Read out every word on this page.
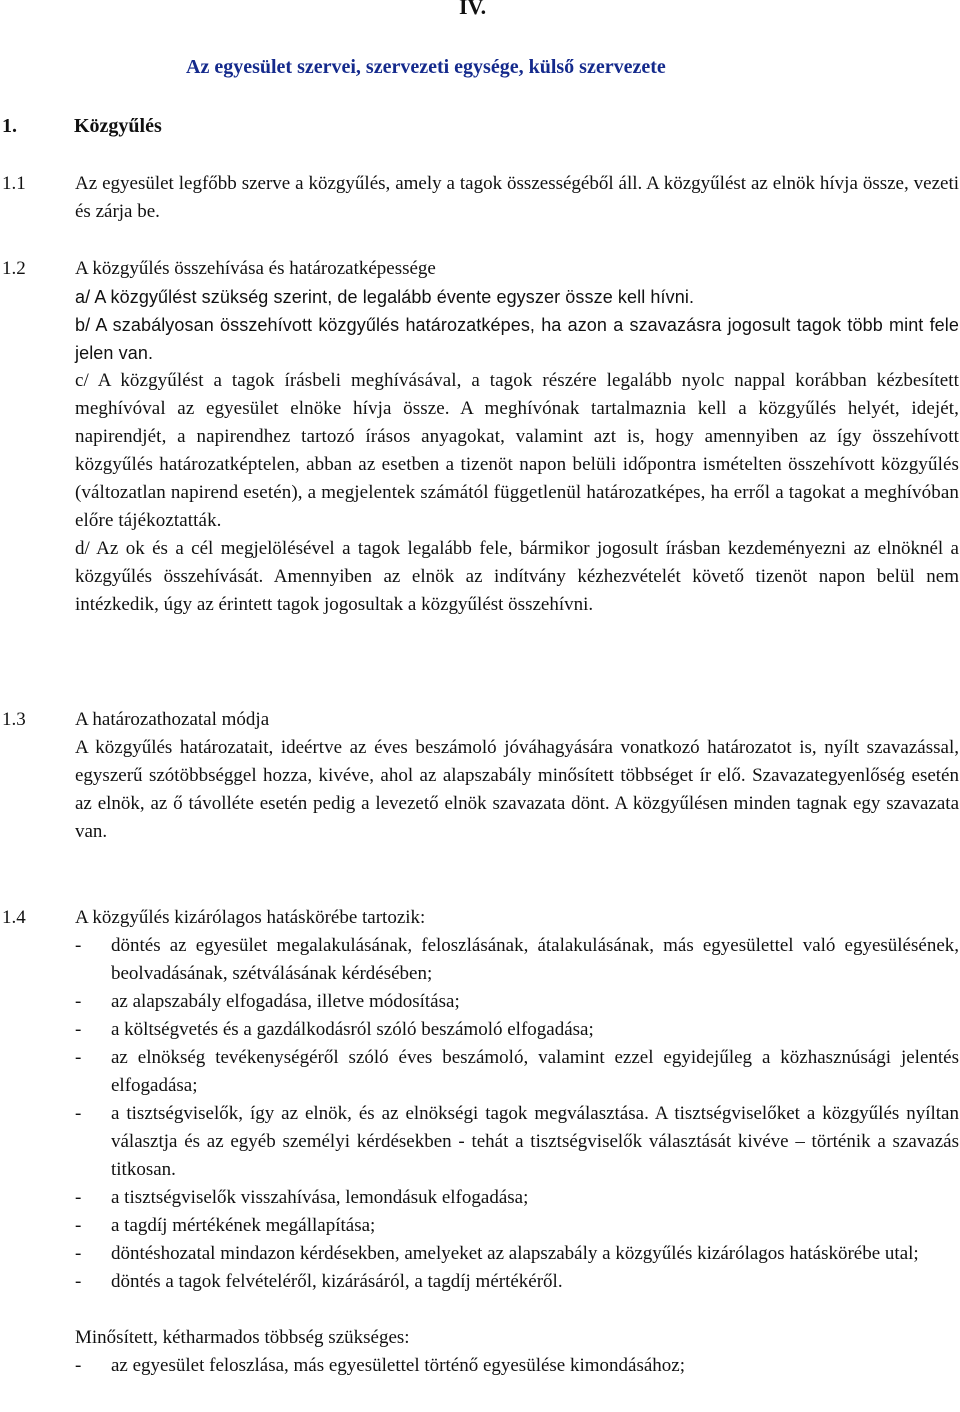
IV.
Az egyesület szervei, szervezeti egysége, külső szervezete
1.	Közgyűlés
1.1	Az egyesület legfőbb szerve a közgyűlés, amely a tagok összességéből áll. A közgyűlést az elnök hívja össze, vezeti és zárja be.

1.2	A közgyűlés összehívása és határozatképessége

a/ A közgyűlést szükség szerint, de legalább évente egyszer össze kell hívni.

b/ A szabályosan összehívott közgyűlés határozatképes, ha azon a szavazásra jogosult tagok több mint fele jelen van.

c/ A közgyűlést a tagok írásbeli meghívásával, a tagok részére legalább nyolc nappal korábban kézbesített meghívóval az egyesület elnöke hívja össze. A meghívónak tartalmaznia kell a közgyűlés helyét, idejét, napirendjét, a napirendhez tartozó írásos anyagokat, valamint azt is, hogy amennyiben az így összehívott közgyűlés határozatképtelen, abban az esetben a tizenöt napon belüli időpontra ismételten összehívott közgyűlés (változatlan napirend esetén), a megjelentek számától függetlenül határozatképes, ha erről a tagokat a meghívóban előre tájékoztatták.

d/ Az ok és a cél megjelölésével a tagok legalább fele, bármikor jogosult írásban kezdeményezni az elnöknél a közgyűlés összehívását. Amennyiben az elnök az indítvány kézhezvételét követő tizenöt napon belül nem intézkedik, úgy az érintett tagok jogosultak a közgyűlést összehívni.

1.3	A határozathozatal módja

A közgyűlés határozatait, ideértve az éves beszámoló jóváhagyására vonatkozó határozatot is, nyílt szavazással, egyszerű szótöbbséggel hozza, kivéve, ahol az alapszabály minősített többséget ír elő. Szavazategyenlőség esetén az elnök, az ő távolléte esetén pedig a levezető elnök szavazata dönt. A közgyűlésen minden tagnak egy szavazata van.

1.4	A közgyűlés kizárólagos hatáskörébe tartozik:

- döntés az egyesület megalakulásának, feloszlásának, átalakulásának, más egyesülettel való egyesülésének, beolvadásának, szétválásának kérdésében;
- az alapszabály elfogadása, illetve módosítása;
- a költségvetés és a gazdálkodásról szóló beszámoló elfogadása;
- az elnökség tevékenységéről szóló éves beszámoló, valamint ezzel egyidejűleg a közhasznúsági jelentés elfogadása;
- a tisztségviselők, így az elnök, és az elnökségi tagok megválasztása. A tisztségviselőket a közgyűlés nyíltan választja és az egyéb személyi kérdésekben - tehát a tisztségviselők választását kivéve – történik a szavazás titkosan.
- a tisztségviselők visszahívása, lemondásuk elfogadása;
- a tagdíj mértékének megállapítása;
- döntéshozatal mindazon kérdésekben, amelyeket az alapszabály a közgyűlés kizárólagos hatáskörébe utal;
- döntés a tagok felvételéről, kizárásáról, a tagdíj mértékéről.

Minősített, kétharmados többség szükséges:

- az egyesület feloszlása, más egyesülettel történő egyesülése kimondásához;
